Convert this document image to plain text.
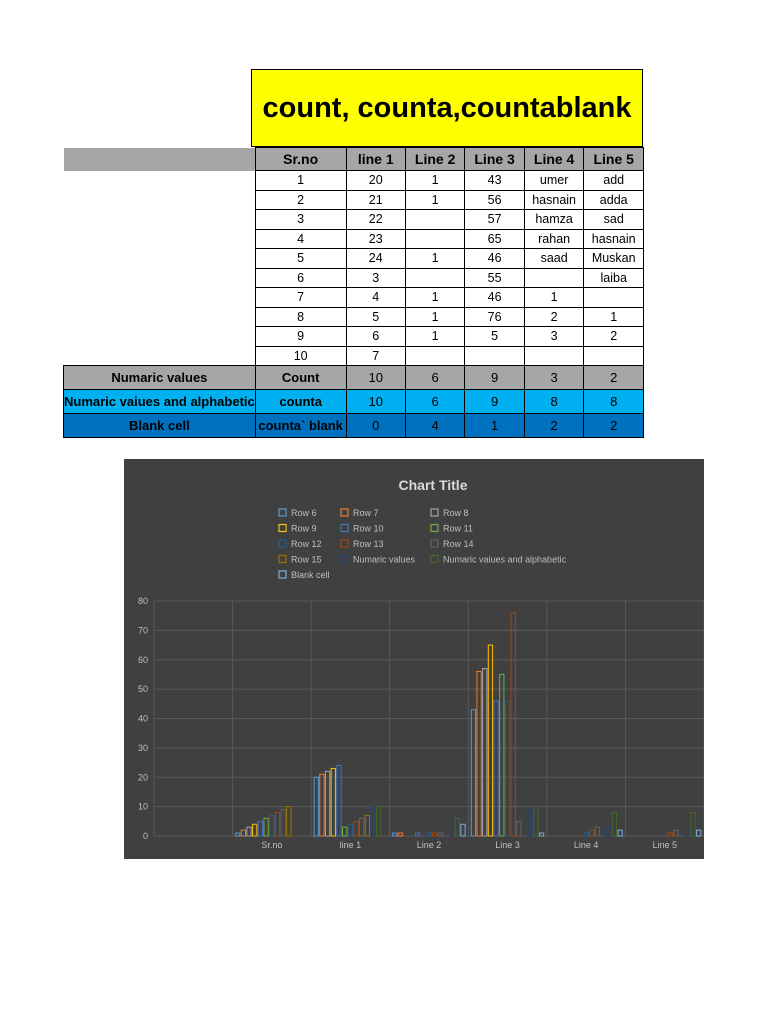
count, counta,countablank
	Sr.no	line 1	Line 2	Line 3	Line 4	Line 5
	1	20	1	43	umer	add
	2	21	1	56	hasnain	adda
	3	22		57	hamza	sad
	4	23		65	rahan	hasnain
	5	24	1	46	saad	Muskan
	6	3		55		laiba
	7	4	1	46	1	
	8	5	1	76	2	1
	9	6	1	5	3	2
	10	7				
Numaric values	Count	10	6	9	3	2
Numaric vaiues and alphabetic	counta	10	6	9	8	8
Blank cell	counta` blank	0	4	1	2	2
Chart Title
Row 6	Row 7	Row 8
Row 9	Row 10	Row 11
Row 12	Row 13	Row 14
Row 15	Numaric values	Numaric vaiues and alphabetic
Blank cell
0
10
20
30
40
50
60
70
80
Sr.no	line 1	Line 2	Line 3	Line 4	Line 5
